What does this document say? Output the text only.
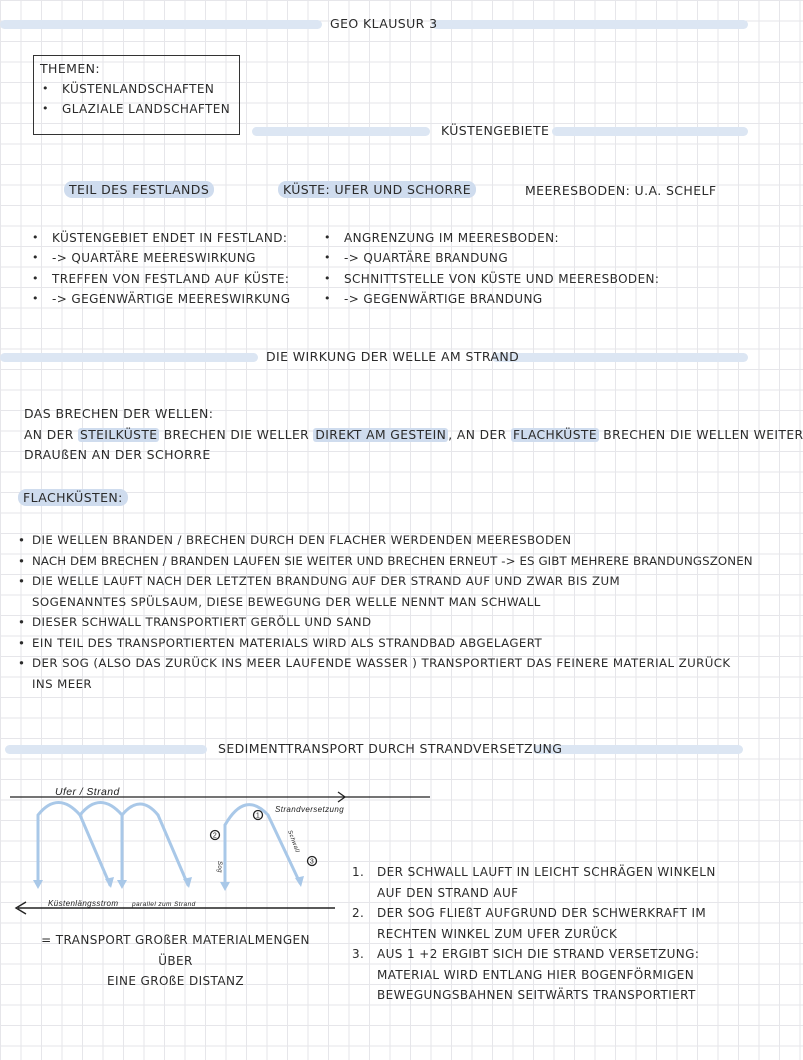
GEO KLAUSUR 3
THEMEN:
• KÜSTENLANDSCHAFTEN
• GLAZIALE LANDSCHAFTEN
KÜSTENGEBIETE
TEIL DES FESTLANDS	KÜSTE: UFER UND SCHORRE	MEERESBODEN: U.A. SCHELF
• KÜSTENGEBIET ENDET IN FESTLAND:
• -> QUARTÄRE MEERESWIRKUNG
• TREFFEN VON FESTLAND AUF KÜSTE:
• -> GEGENWÄRTIGE MEERESWIRKUNG
• ANGRENZUNG IM MEERESBODEN:
• -> QUARTÄRE BRANDUNG
• SCHNITTSTELLE VON KÜSTE UND MEERESBODEN:
• -> GEGENWÄRTIGE BRANDUNG
DIE WIRKUNG DER WELLE AM STRAND
DAS BRECHEN DER WELLEN:
AN DER STEILKÜSTE BRECHEN DIE WELLER DIREKT AM GESTEIN , AN DER FLACHKÜSTE BRECHEN DIE WELLEN WEITER
DRAUßEN AN DER SCHORRE
FLACHKÜSTEN:
• DIE WELLEN BRANDEN / BRECHEN DURCH DEN FLACHER WERDENDEN MEERESBODEN
• NACH DEM BRECHEN / BRANDEN LAUFEN SIE WEITER UND BRECHEN ERNEUT -> ES GIBT MEHRERE BRANDUNGSZONEN
• DIE WELLE LAUFT NACH DER LETZTEN BRANDUNG AUF DER STRAND AUF UND ZWAR BIS ZUM SOGENANNTES SPÜLSAUM, DIESE BEWEGUNG DER WELLE NENNT MAN SCHWALL
• DIESER SCHWALL TRANSPORTIERT GERÖLL UND SAND
• EIN TEIL DES TRANSPORTIERTEN MATERIALS WIRD ALS STRANDBAD ABGELAGERT
• DER SOG (ALSO DAS ZURÜCK INS MEER LAUFENDE WASSER ) TRANSPORTIERT DAS FEINERE MATERIAL ZURÜCK INS MEER
SEDIMENTTRANSPORT DURCH STRANDVERSETZUNG
Ufer / Strand
1
2
3
Strandversetzung
Schwall
Sog
Küstenlängsstrom parallel zum Strand
= TRANSPORT GROßER MATERIALMENGEN ÜBER
EINE GROßE DISTANZ
1. DER SCHWALL LAUFT IN LEICHT SCHRÄGEN WINKELN AUF DEN STRAND AUF
2. DER SOG FLIEßT AUFGRUND DER SCHWERKRAFT IM RECHTEN WINKEL ZUM UFER ZURÜCK
3. AUS 1 +2 ERGIBT SICH DIE STRAND VERSETZUNG: MATERIAL WIRD ENTLANG HIER BOGENFÖRMIGEN BEWEGUNGSBAHNEN SEITWÄRTS TRANSPORTIERT
